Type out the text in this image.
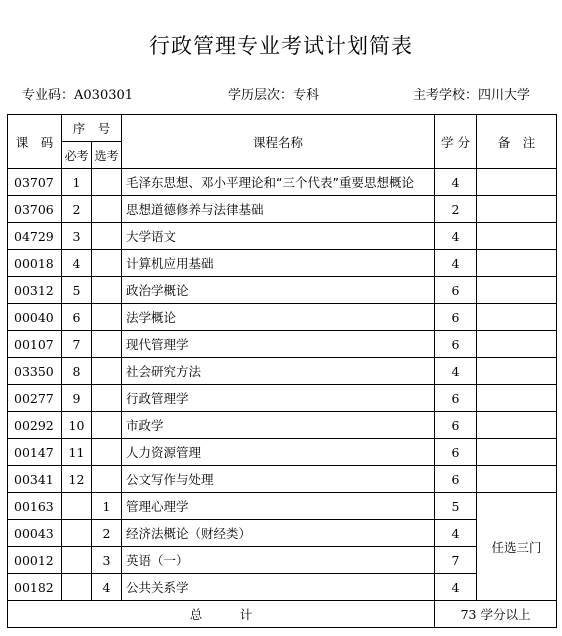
行政管理专业考试计划简表
专业码：A030301	学历层次：专科	主考学校：四川大学
课　码	序　号		课程名称	学 分	备　注
	必考	选考			
03707	1		毛泽东思想、邓小平理论和“三个代表”重要思想概论	4	
03706	2		思想道德修养与法律基础	2	
04729	3		大学语文	4	
00018	4		计算机应用基础	4	
00312	5		政治学概论	6	
00040	6		法学概论	6	
00107	7		现代管理学	6	
03350	8		社会研究方法	4	
00277	9		行政管理学	6	
00292	10		市政学	6	
00147	11		人力资源管理	6	
00341	12		公文写作与处理	6	
00163		1	管理心理学	5	任选三门
00043		2	经济法概论（财经类）	4	
00012		3	英语（一）	7	
00182		4	公共关系学	4	
总　　　计				73 学分以上	
